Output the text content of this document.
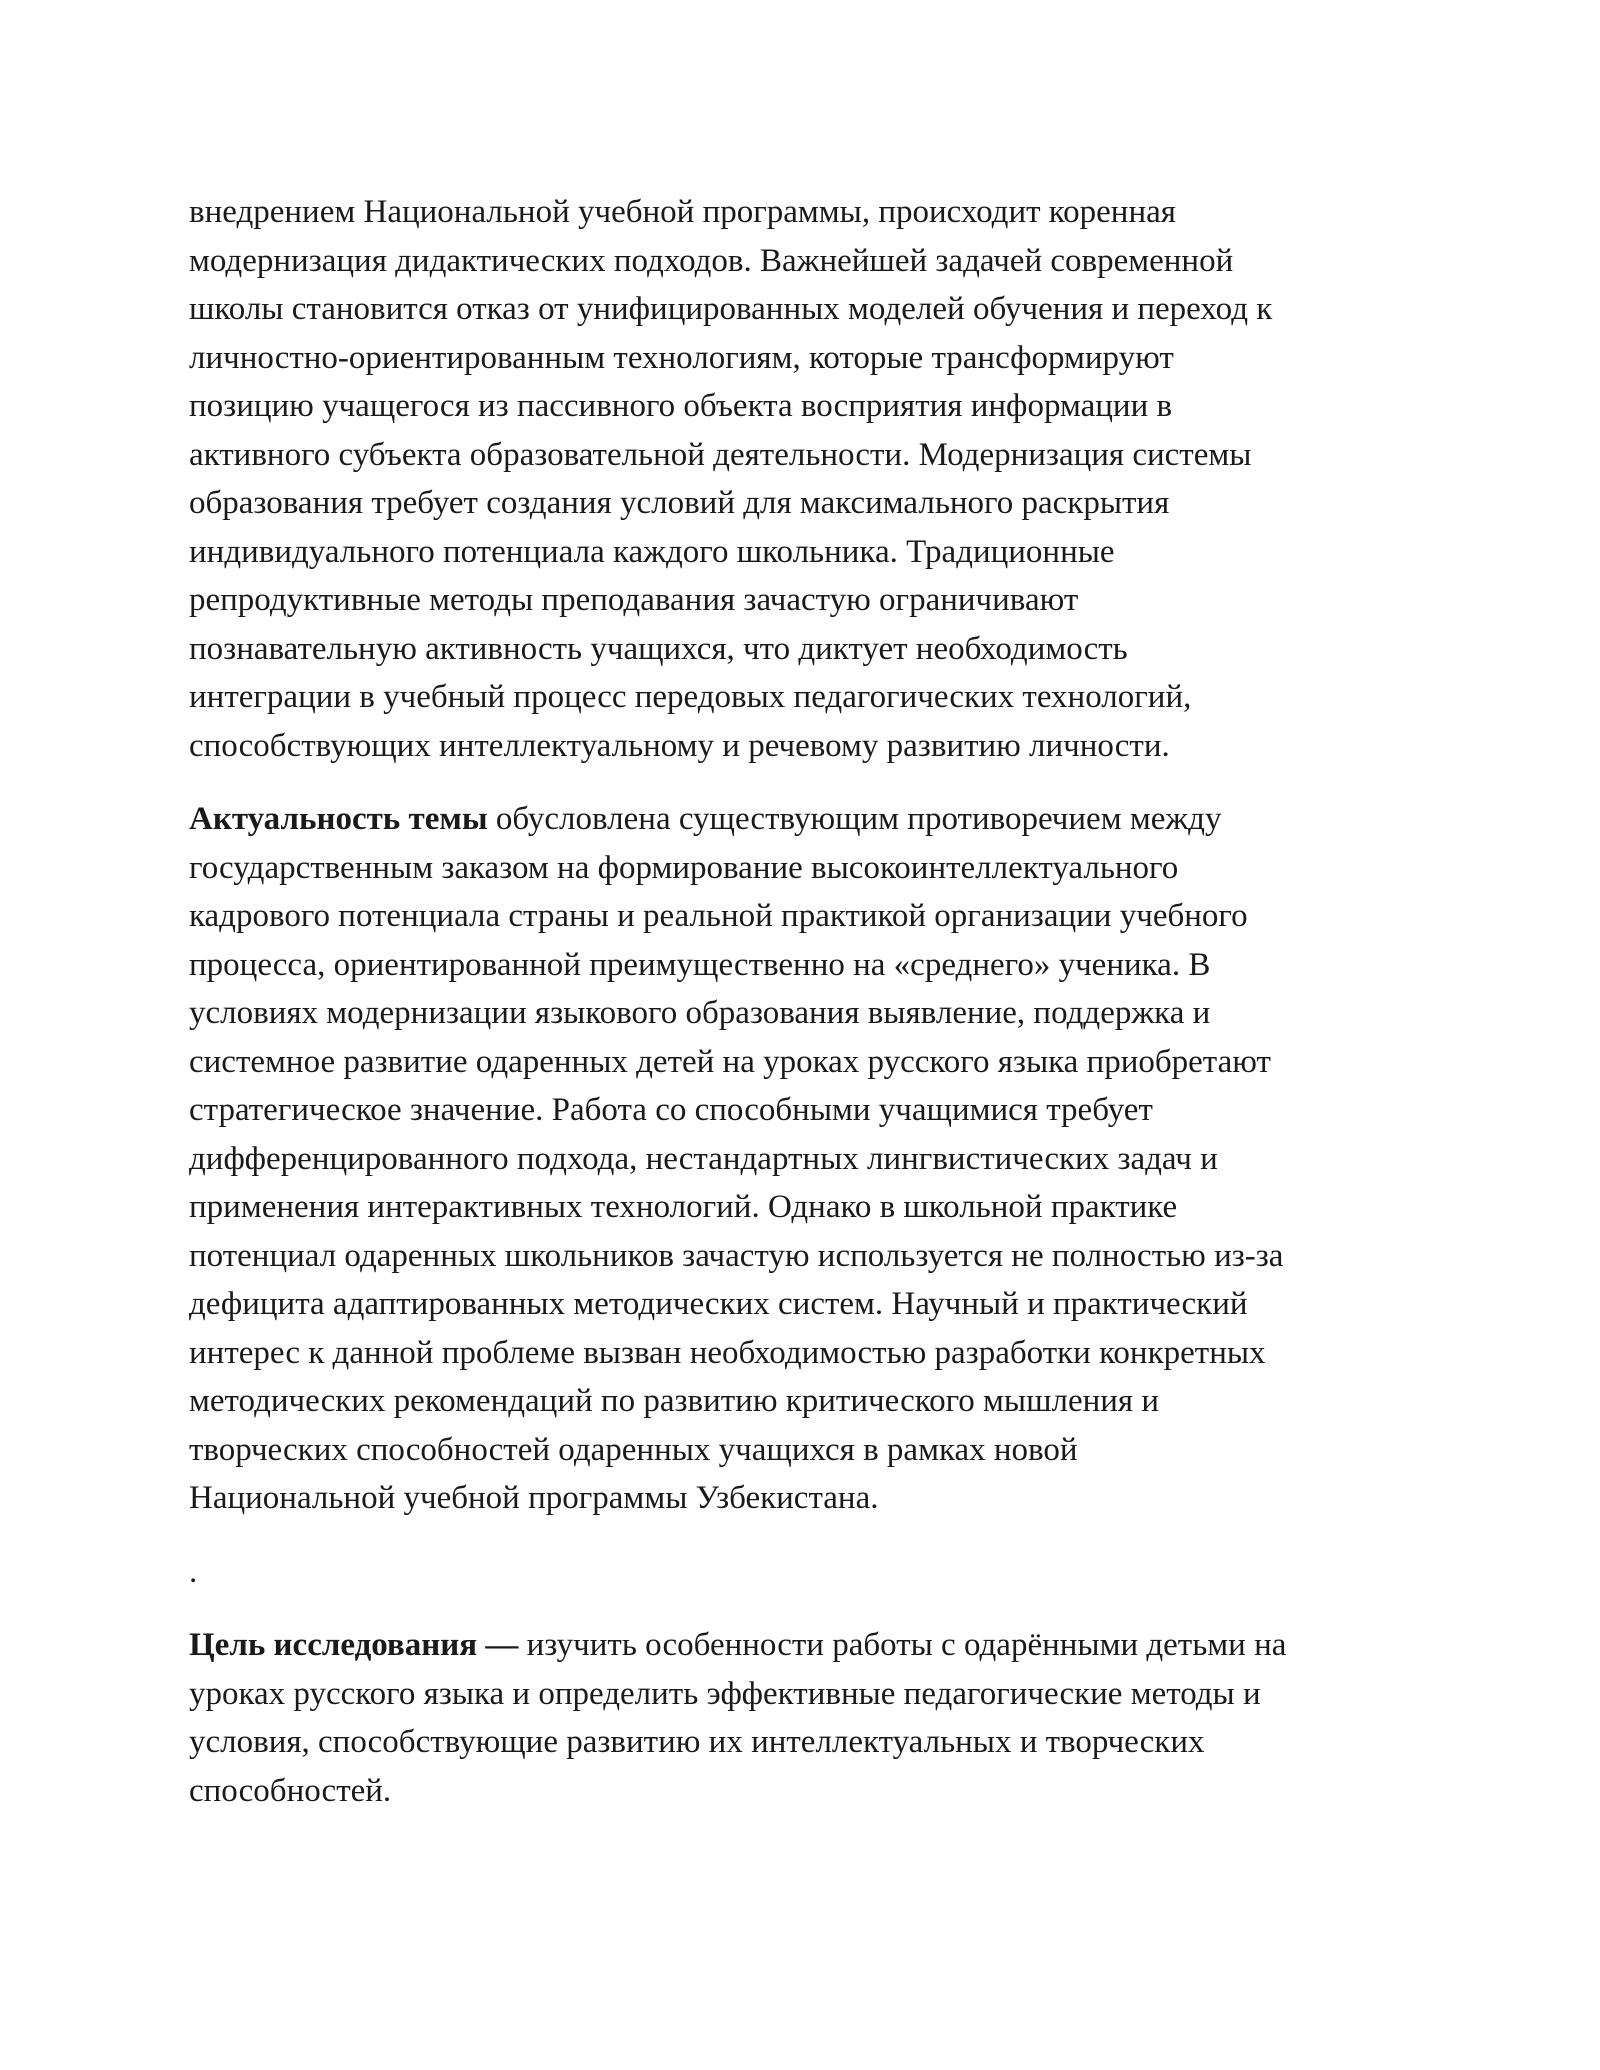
внедрением Национальной учебной программы, происходит коренная
модернизация дидактических подходов. Важнейшей задачей современной
школы становится отказ от унифицированных моделей обучения и переход к
личностно-ориентированным технологиям, которые трансформируют
позицию учащегося из пассивного объекта восприятия информации в
активного субъекта образовательной деятельности. Модернизация системы
образования требует создания условий для максимального раскрытия
индивидуального потенциала каждого школьника. Традиционные
репродуктивные методы преподавания зачастую ограничивают
познавательную активность учащихся, что диктует необходимость
интеграции в учебный процесс передовых педагогических технологий,
способствующих интеллектуальному и речевому развитию личности.
Актуальность темы обусловлена существующим противоречием между
государственным заказом на формирование высокоинтеллектуального
кадрового потенциала страны и реальной практикой организации учебного
процесса, ориентированной преимущественно на «среднего» ученика. В
условиях модернизации языкового образования выявление, поддержка и
системное развитие одаренных детей на уроках русского языка приобретают
стратегическое значение. Работа со способными учащимися требует
дифференцированного подхода, нестандартных лингвистических задач и
применения интерактивных технологий. Однако в школьной практике
потенциал одаренных школьников зачастую используется не полностью из-за
дефицита адаптированных методических систем. Научный и практический
интерес к данной проблеме вызван необходимостью разработки конкретных
методических рекомендаций по развитию критического мышления и
творческих способностей одаренных учащихся в рамках новой
Национальной учебной программы Узбекистана.
.
Цель исследования — изучить особенности работы с одарёнными детьми на
уроках русского языка и определить эффективные педагогические методы и
условия, способствующие развитию их интеллектуальных и творческих
способностей.
